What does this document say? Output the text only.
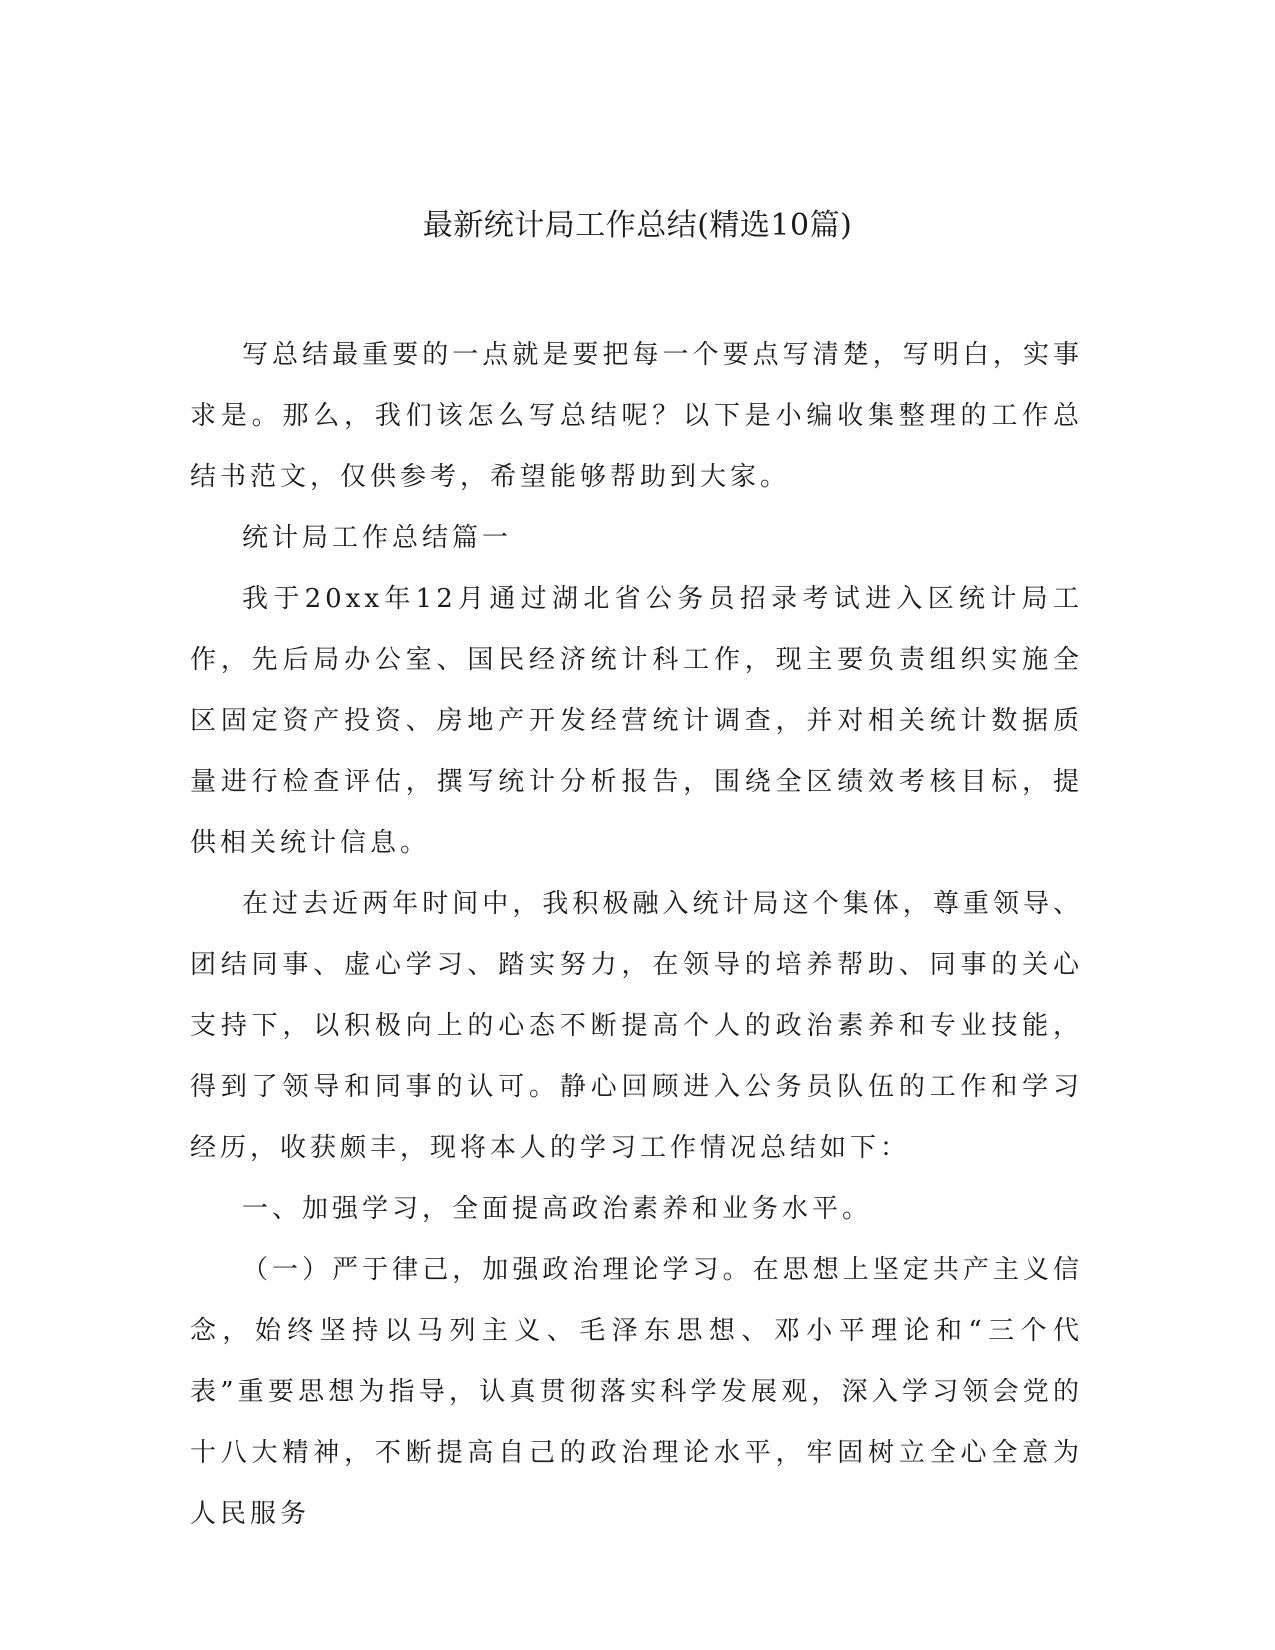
最新统计局工作总结(精选10篇)

写总结最重要的一点就是要把每一个要点写清楚，写明白，实事求是。那么，我们该怎么写总结呢？以下是小编收集整理的工作总结书范文，仅供参考，希望能够帮助到大家。

统计局工作总结篇一

我于20xx年12月通过湖北省公务员招录考试进入区统计局工作，先后局办公室、国民经济统计科工作，现主要负责组织实施全区固定资产投资、房地产开发经营统计调查，并对相关统计数据质量进行检查评估，撰写统计分析报告，围绕全区绩效考核目标，提供相关统计信息。

在过去近两年时间中，我积极融入统计局这个集体，尊重领导、团结同事、虚心学习、踏实努力，在领导的培养帮助、同事的关心支持下，以积极向上的心态不断提高个人的政治素养和专业技能，得到了领导和同事的认可。静心回顾进入公务员队伍的工作和学习经历，收获颇丰，现将本人的学习工作情况总结如下：

一、加强学习，全面提高政治素养和业务水平。

（一）严于律己，加强政治理论学习。在思想上坚定共产主义信念，始终坚持以马列主义、毛泽东思想、邓小平理论和“三个代表”重要思想为指导，认真贯彻落实科学发展观，深入学习领会党的十八大精神，不断提高自己的政治理论水平，牢固树立全心全意为人民服务
